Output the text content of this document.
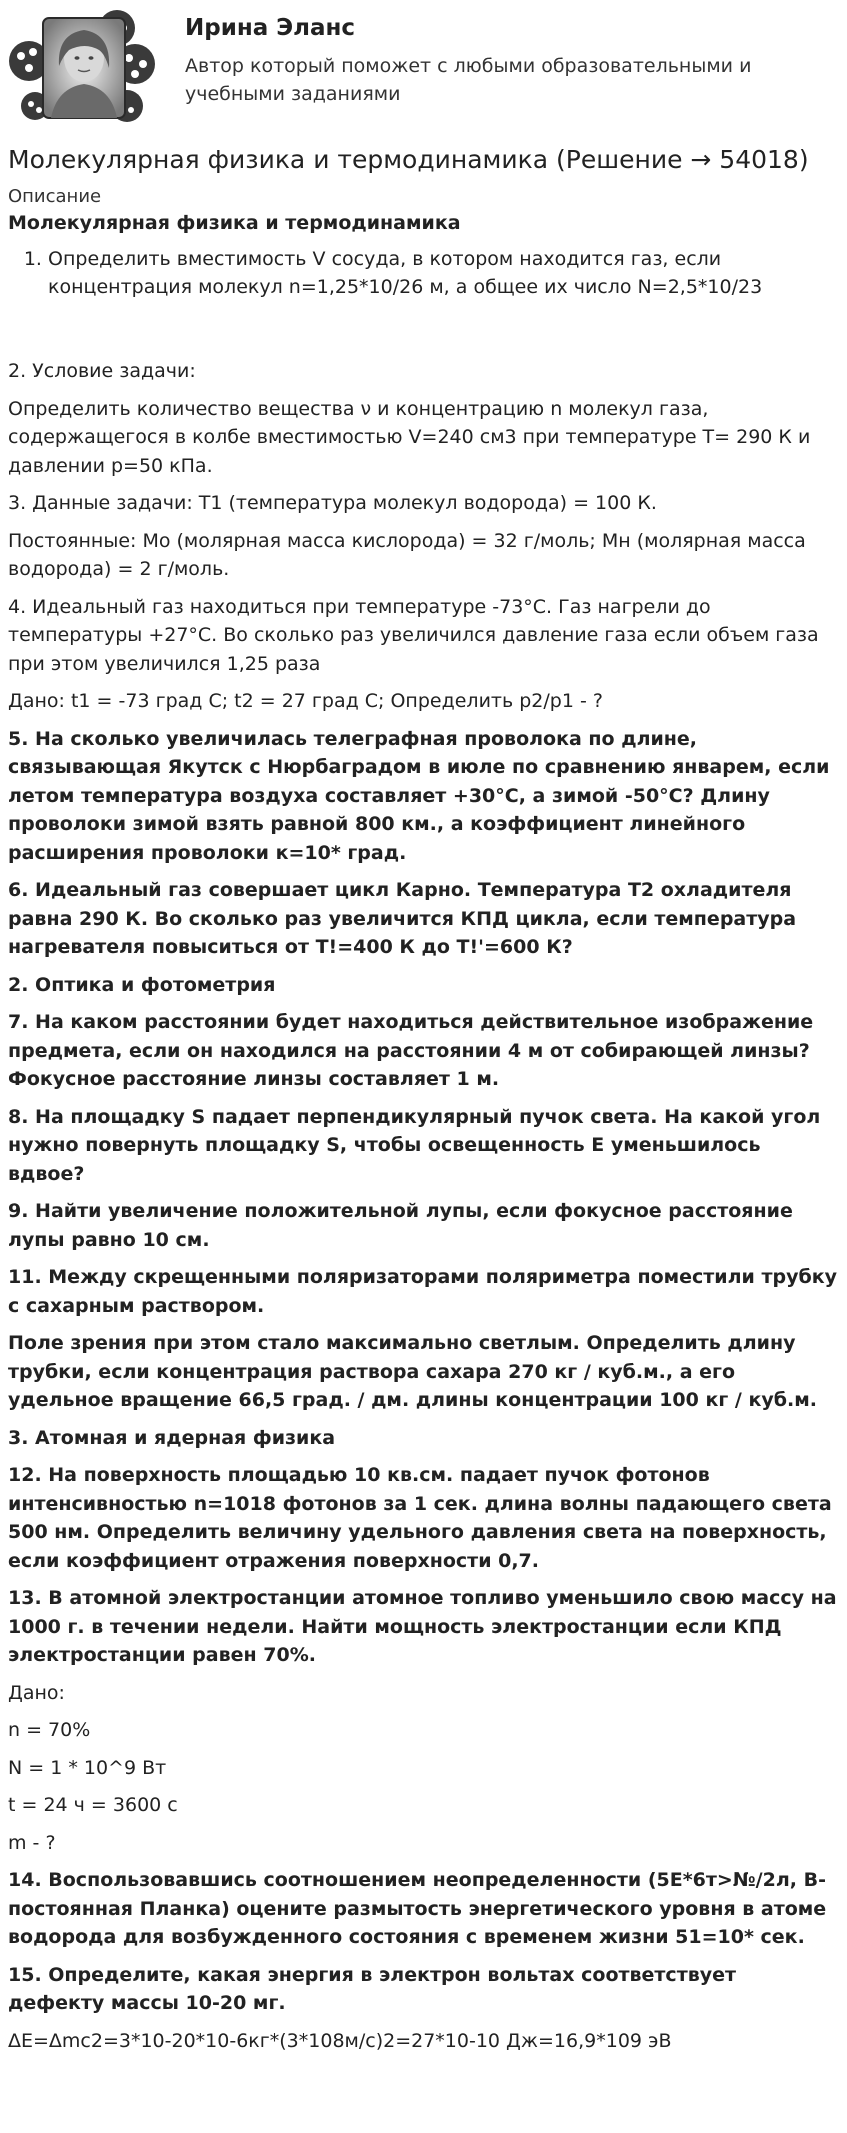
Ирина Эланс
Автор который поможет с любыми образовательными и учебными заданиями
Молекулярная физика и термодинамика (Решение → 54018)
Описание
Молекулярная физика и термодинамика
1. Определить вместимость V сосуда, в котором находится газ, если концентрация молекул n=1,25*10/26 м, а общее их число N=2,5*10/23

2. Условие задачи:

Определить количество вещества ν и концентрацию n молекул газа, содержащегося в колбе вместимостью V=240 см3 при температуре T= 290 К и давлении p=50 кПа.

3. Данные задачи: T1 (температура молекул водорода) = 100 К.

Постоянные: Мо (молярная масса кислорода) = 32 г/моль; Мн (молярная масса водорода) = 2 г/моль.

4. Идеальный газ находиться при температуре -73°С. Газ нагрели до температуры +27°С. Во сколько раз увеличился давление газа если объем газа при этом увеличился 1,25 раза

Дано: t1 = -73 град С; t2 = 27 град С; Определить p2/p1 - ?

5. На сколько увеличилась телеграфная проволока по длине, связывающая Якутск с Нюрбаградом в июле по сравнению январем, если летом температура воздуха составляет +30°С, а зимой -50°С? Длину проволоки зимой взять равной 800 км., а коэффициент линейного расширения проволоки к=10* град.

6. Идеальный газ совершает цикл Карно. Температура Т2 охладителя равна 290 К. Во сколько раз увеличится КПД цикла, если температура нагревателя повыситься от Т!=400 К до Т!'=600 К?

2. Оптика и фотометрия

7. На каком расстоянии будет находиться действительное изображение предмета, если он находился на расстоянии 4 м от собирающей линзы? Фокусное расстояние линзы составляет 1 м.

8. На площадку S падает перпендикулярный пучок света. На какой угол нужно повернуть площадку S, чтобы освещенность Е уменьшилось вдвое?

9. Найти увеличение положительной лупы, если фокусное расстояние лупы равно 10 см.

11. Между скрещенными поляризаторами поляриметра поместили трубку с сахарным раствором.

Поле зрения при этом стало максимально светлым. Определить длину трубки, если концентрация раствора сахара 270 кг / куб.м., а его удельное вращение 66,5 град. / дм. длины концентрации 100 кг / куб.м.

3. Атомная и ядерная физика

12. На поверхность площадью 10 кв.см. падает пучок фотонов интенсивностью n=1018 фотонов за 1 сек. длина волны падающего света 500 нм. Определить величину удельного давления света на поверхность, если коэффициент отражения поверхности 0,7.

13. В атомной электростанции атомное топливо уменьшило свою массу на 1000 г. в течении недели. Найти мощность электростанции если КПД электростанции равен 70%.

Дано:

n = 70%

N = 1 * 10^9 Вт

t = 24 ч = 3600 с

m - ?

14. Воспользовавшись соотношением неопределенности (5Е*6т>№/2л, В-постоянная Планка) оцените размытость энергетического уровня в атоме водорода для возбужденного состояния с временем жизни 51=10* сек.

15. Определите, какая энергия в электрон вольтах соответствует дефекту массы 10-20 мг.

ΔE=Δmc2=3*10-20*10-6кг*(3*108м/с)2=27*10-10 Дж=16,9*109 эВ
